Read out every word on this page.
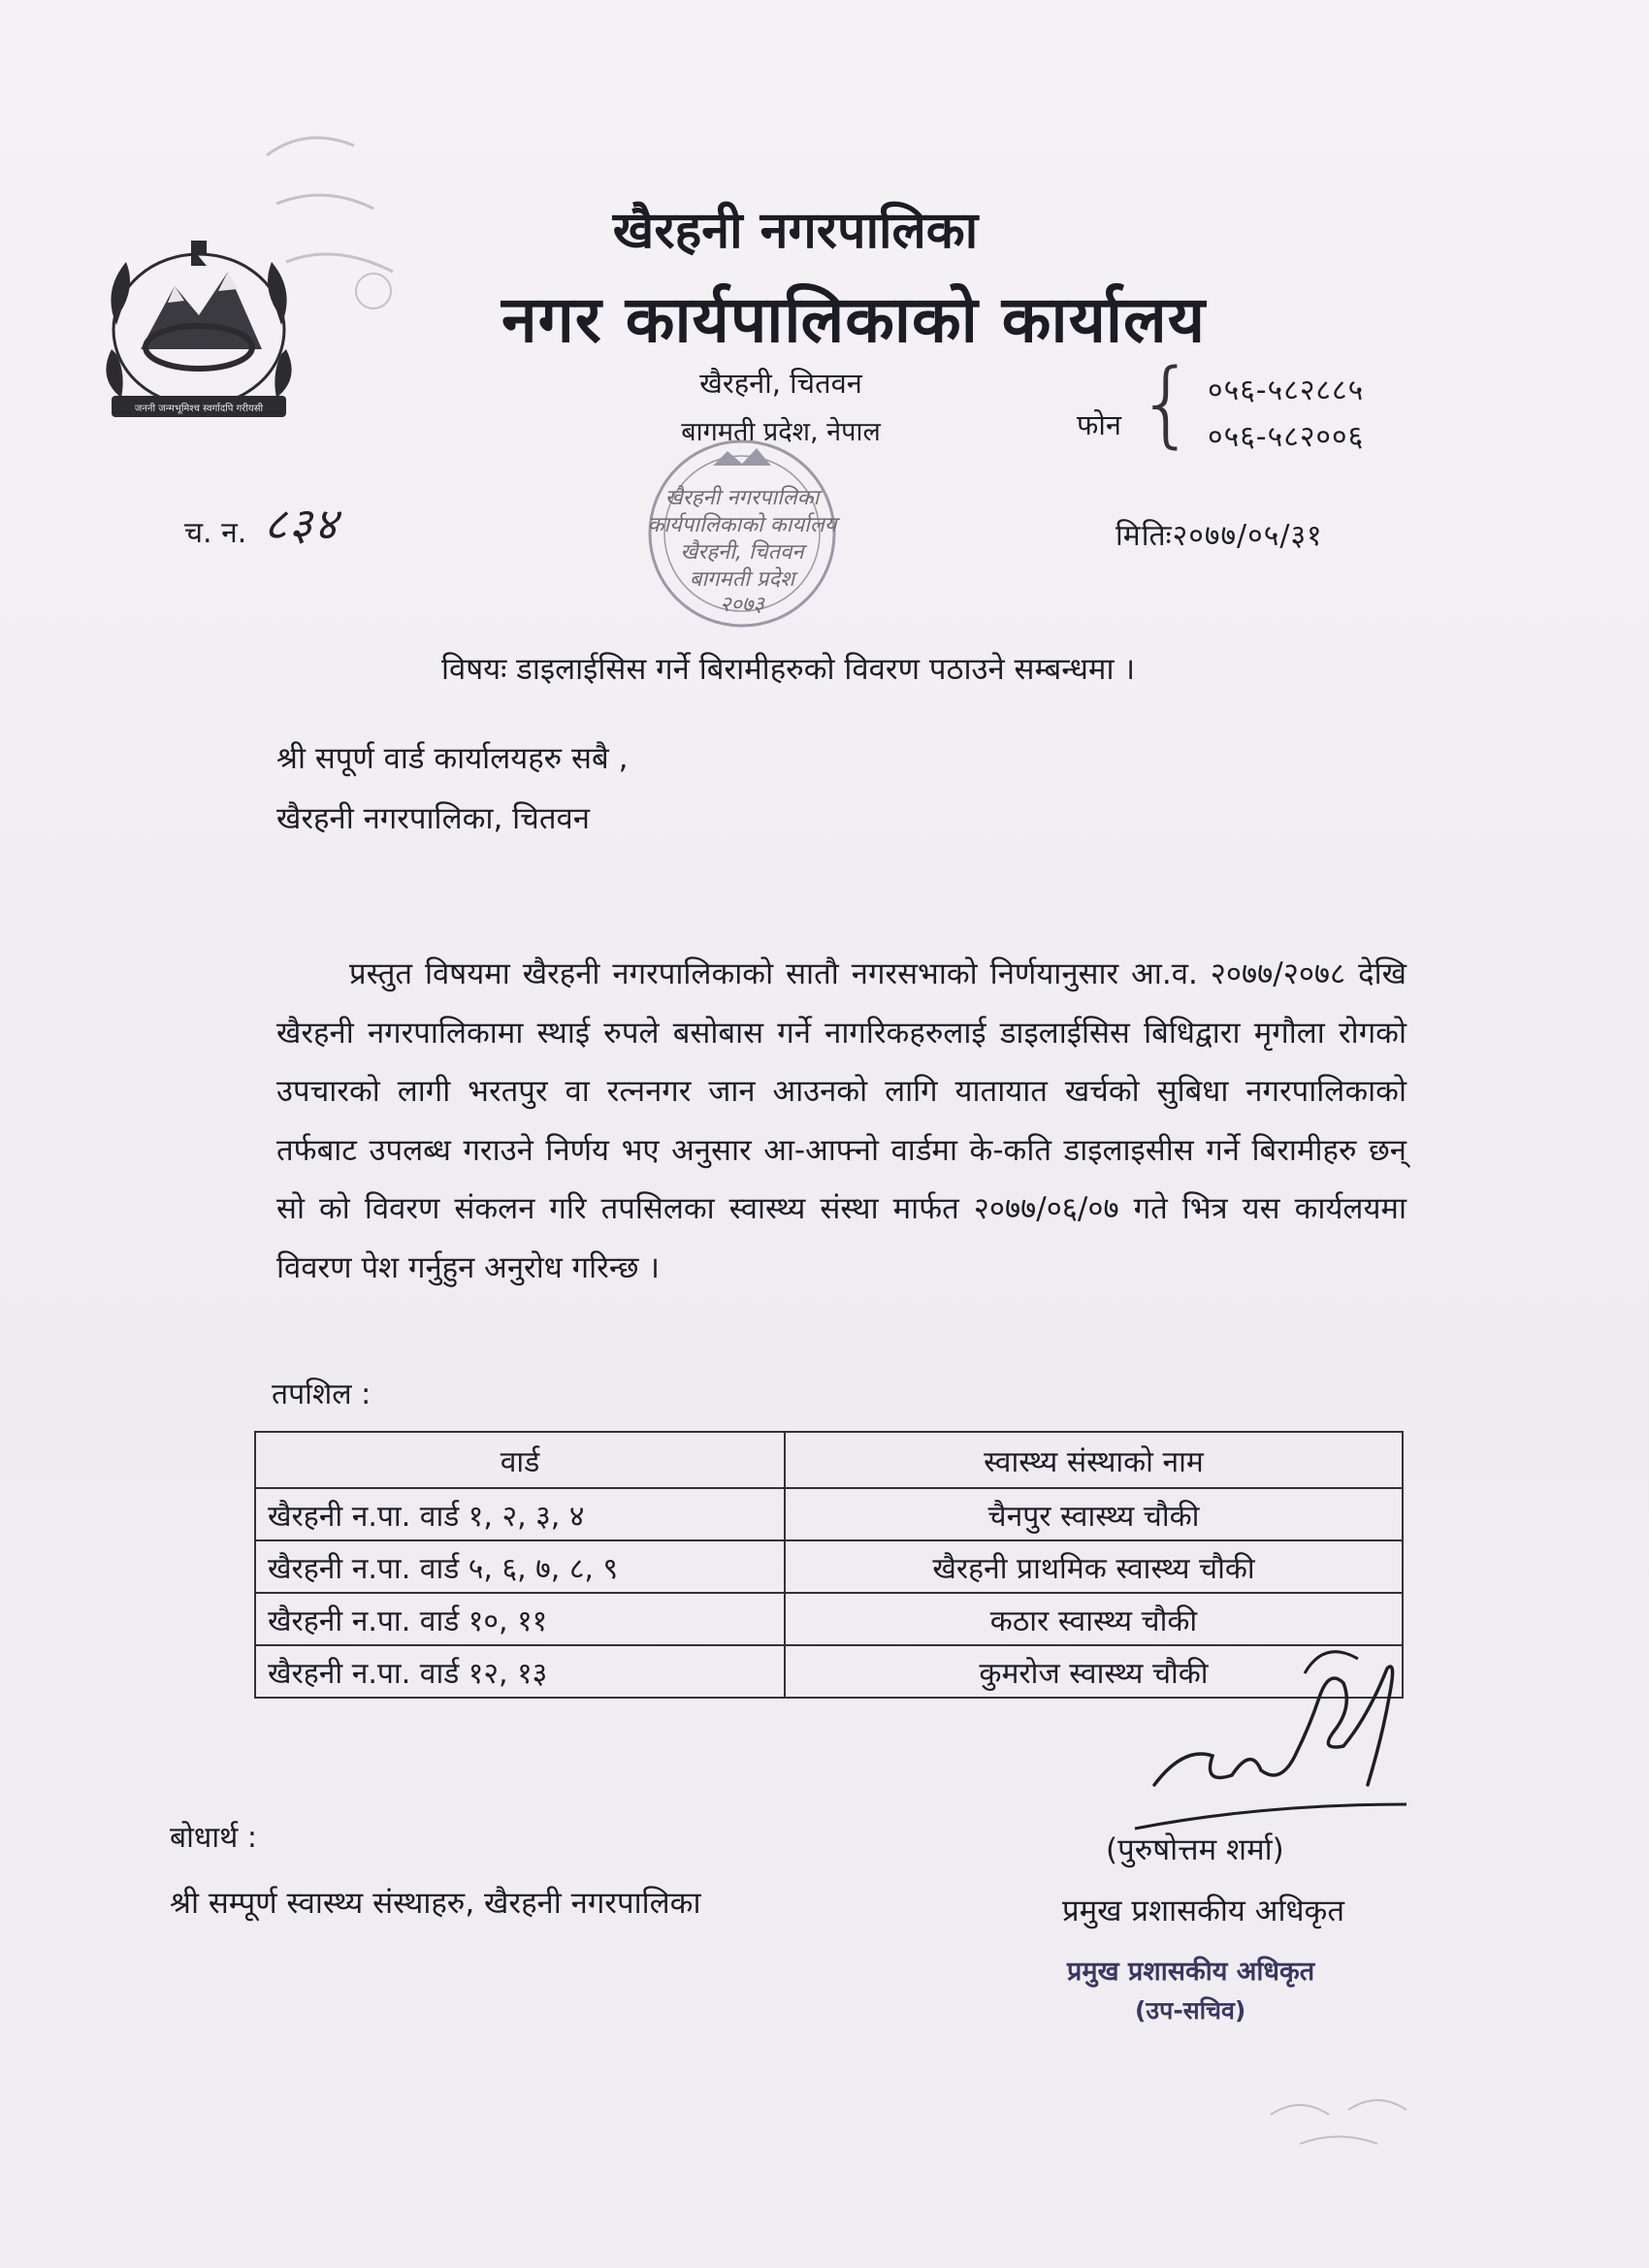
जननी जन्मभूमिश्च स्वर्गादपि गरीयसी
खैरहनी नगरपालिका
नगर कार्यपालिकाको कार्यालय
खैरहनी, चितवन
बागमती प्रदेश, नेपाल	फोन { ०५६-५८२८८५
०५६-५८२००६
खैरहनी नगरपालिका
कार्यपालिकाको कार्यालय
खैरहनी, चितवन
बागमती प्रदेश
२०७३
च. न. ८३४	मितिः२०७७/०५/३१
विषयः डाइलाईसिस गर्ने बिरामीहरुको विवरण पठाउने सम्बन्धमा ।
श्री सपूर्ण वार्ड कार्यालयहरु सबै ,
खैरहनी नगरपालिका, चितवन
प्रस्तुत विषयमा खैरहनी नगरपालिकाको सातौ नगरसभाको निर्णयानुसार आ.व. २०७७/२०७८ देखि खैरहनी नगरपालिकामा स्थाई रुपले बसोबास गर्ने नागरिकहरुलाई डाइलाईसिस बिधिद्वारा मृगौला रोगको उपचारको लागी भरतपुर वा रत्ननगर जान आउनको लागि यातायात खर्चको सुबिधा नगरपालिकाको तर्फबाट उपलब्ध गराउने निर्णय भए अनुसार आ-आफ्नो वार्डमा के-कति डाइलाइसीस गर्ने बिरामीहरु छन् सो को विवरण संकलन गरि तपसिलका स्वास्थ्य संस्था मार्फत २०७७/०६/०७ गते भित्र यस कार्यलयमा विवरण पेश गर्नुहुन अनुरोध गरिन्छ ।
तपशिल :
वार्ड	स्वास्थ्य संस्थाको नाम
खैरहनी न.पा. वार्ड १, २, ३, ४	चैनपुर स्वास्थ्य चौकी
खैरहनी न.पा. वार्ड ५, ६, ७, ८, ९	खैरहनी प्राथमिक स्वास्थ्य चौकी
खैरहनी न.पा. वार्ड १०, ११	कठार स्वास्थ्य चौकी
खैरहनी न.पा. वार्ड १२, १३	कुमरोज स्वास्थ्य चौकी
बोधार्थ :
श्री सम्पूर्ण स्वास्थ्य संस्थाहरु, खैरहनी नगरपालिका
(पुरुषोत्तम शर्मा)
प्रमुख प्रशासकीय अधिकृत
प्रमुख प्रशासकीय अधिकृत
(उप-सचिव)
